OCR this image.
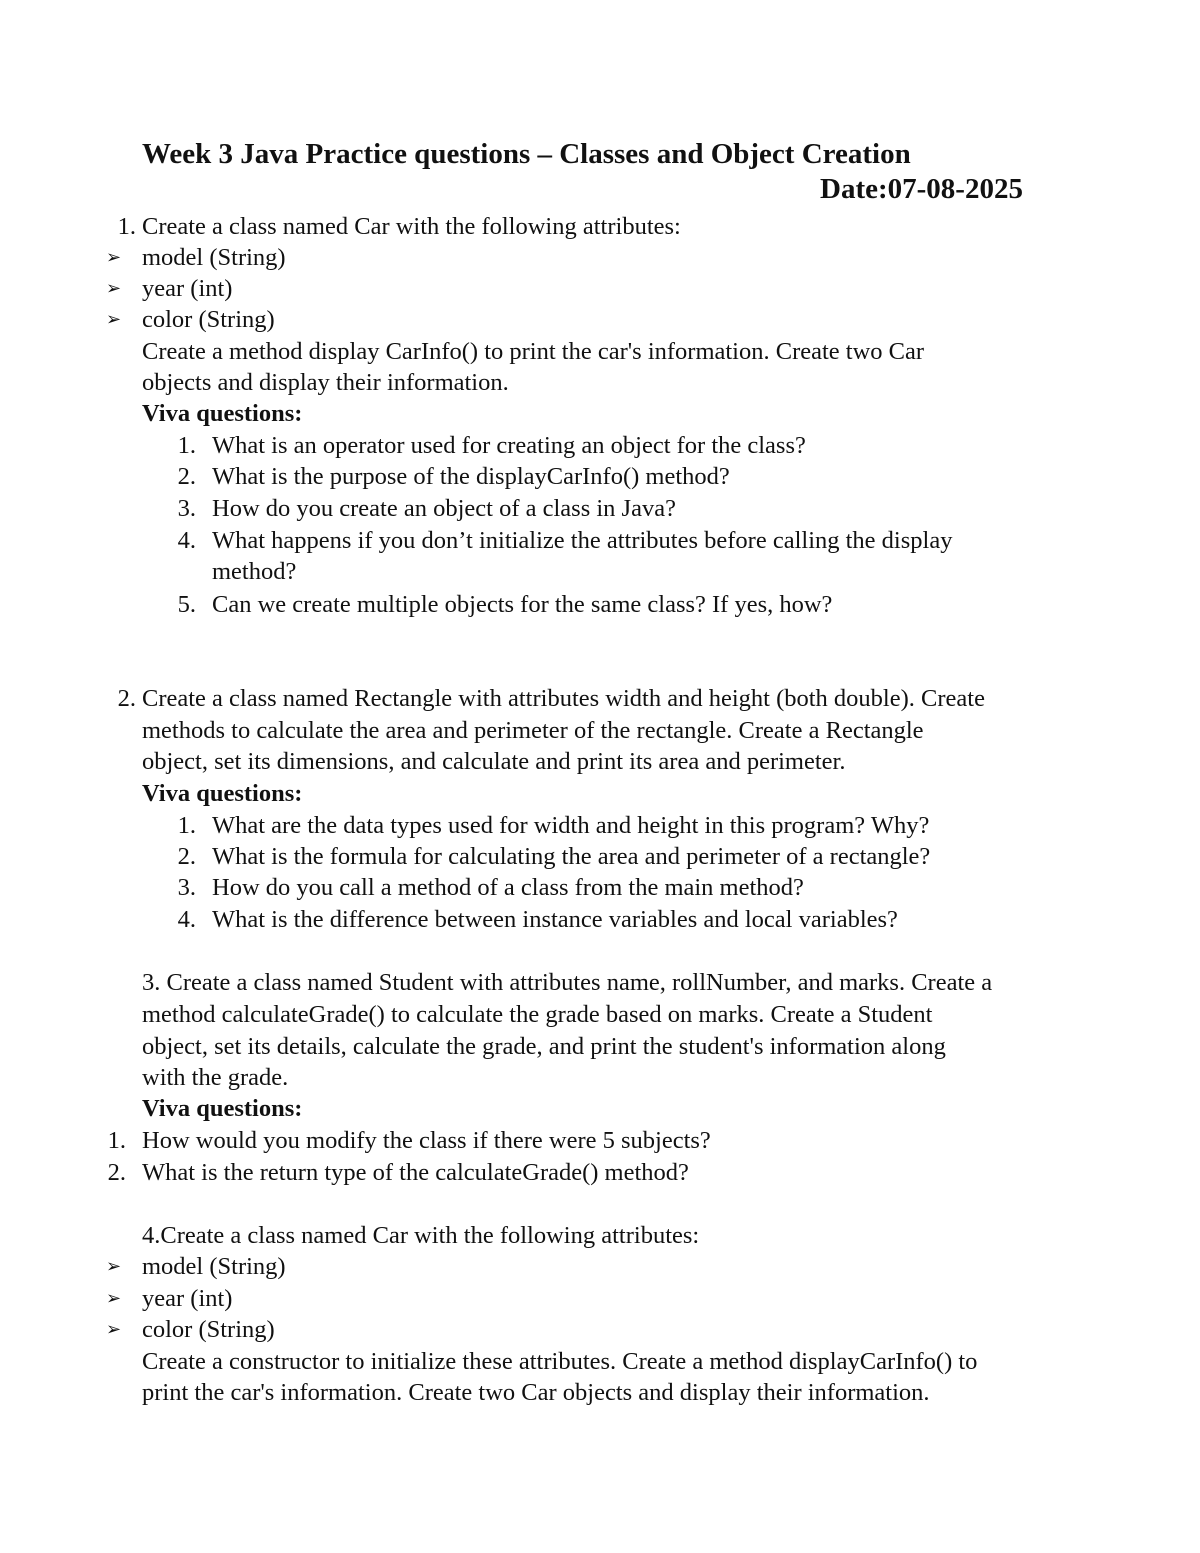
Week 3 Java Practice questions – Classes and Object Creation
Date:07-08-2025
1. Create a class named Car with the following attributes:
➢ model (String)
➢ year (int)
➢ color (String)
Create a method display CarInfo() to print the car's information. Create two Car
objects and display their information.
Viva questions:
1. What is an operator used for creating an object for the class?
2. What is the purpose of the displayCarInfo() method?
3. How do you create an object of a class in Java?
4. What happens if you don’t initialize the attributes before calling the display
method?
5. Can we create multiple objects for the same class? If yes, how?
2. Create a class named Rectangle with attributes width and height (both double). Create
methods to calculate the area and perimeter of the rectangle. Create a Rectangle
object, set its dimensions, and calculate and print its area and perimeter.
Viva questions:
1. What are the data types used for width and height in this program? Why?
2. What is the formula for calculating the area and perimeter of a rectangle?
3. How do you call a method of a class from the main method?
4. What is the difference between instance variables and local variables?
3. Create a class named Student with attributes name, rollNumber, and marks. Create a
method calculateGrade() to calculate the grade based on marks. Create a Student
object, set its details, calculate the grade, and print the student's information along
with the grade.
Viva questions:
1. How would you modify the class if there were 5 subjects?
2. What is the return type of the calculateGrade() method?
4.Create a class named Car with the following attributes:
➢ model (String)
➢ year (int)
➢ color (String)
Create a constructor to initialize these attributes. Create a method displayCarInfo() to
print the car's information. Create two Car objects and display their information.
